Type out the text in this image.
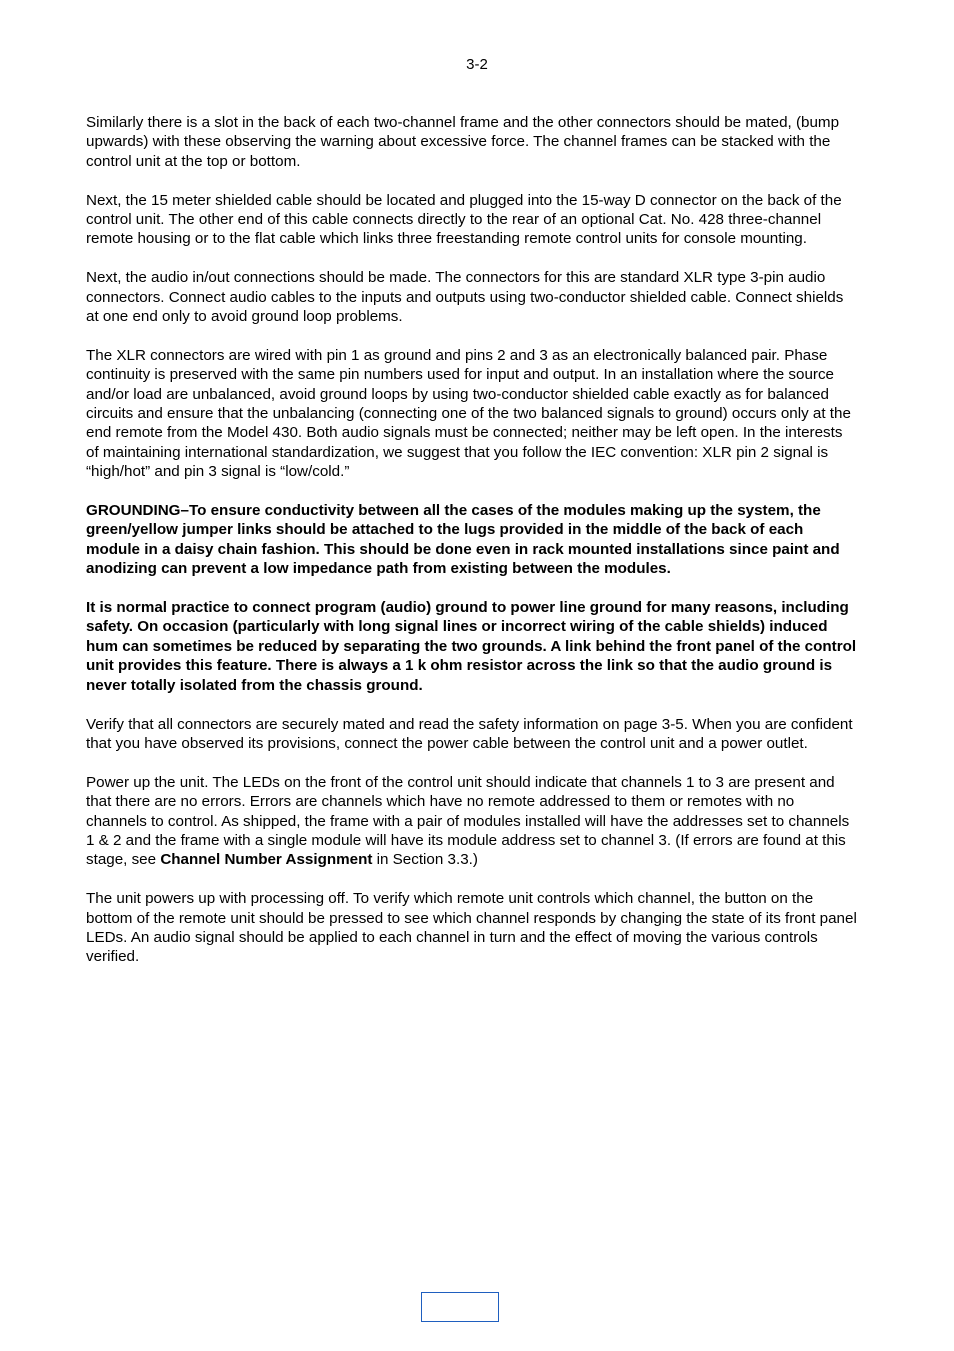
3-2

Similarly there is a slot in the back of each two-channel frame and the other connectors should be mated, (bump upwards) with these observing the warning about excessive force. The channel frames can be stacked with the control unit at the top or bottom.

Next, the 15 meter shielded cable should be located and plugged into the 15-way D connector on the back of the control unit. The other end of this cable connects directly to the rear of an optional Cat. No. 428 three-channel remote housing or to the flat cable which links three freestanding remote control units for console mounting.

Next, the audio in/out connections should be made. The connectors for this are standard XLR type 3-pin audio connectors. Connect audio cables to the inputs and outputs using two-conductor shielded cable. Connect shields at one end only to avoid ground loop problems.

The XLR connectors are wired with pin 1 as ground and pins 2 and 3 as an electronically balanced pair. Phase continuity is preserved with the same pin numbers used for input and output. In an installation where the source and/or load are unbalanced, avoid ground loops by using two-conductor shielded cable exactly as for balanced circuits and ensure that the unbalancing (connecting one of the two balanced signals to ground) occurs only at the end remote from the Model 430. Both audio signals must be connected; neither may be left open. In the interests of maintaining international standardization, we suggest that you follow the IEC convention: XLR pin 2 signal is “high/hot” and pin 3 signal is “low/cold.”

GROUNDING–To ensure conductivity between all the cases of the modules making up the system, the green/yellow jumper links should be attached to the lugs provided in the middle of the back of each module in a daisy chain fashion. This should be done even in rack mounted installations since paint and anodizing can prevent a low impedance path from existing between the modules.

It is normal practice to connect program (audio) ground to power line ground for many reasons, including safety. On occasion (particularly with long signal lines or incorrect wiring of the cable shields) induced hum can sometimes be reduced by separating the two grounds. A link behind the front panel of the control unit provides this feature. There is always a 1 k ohm resistor across the link so that the audio ground is never totally isolated from the chassis ground.

Verify that all connectors are securely mated and read the safety information on page 3-5. When you are confident that you have observed its provisions, connect the power cable between the control unit and a power outlet.

Power up the unit. The LEDs on the front of the control unit should indicate that channels 1 to 3 are present and that there are no errors. Errors are channels which have no remote addressed to them or remotes with no channels to control. As shipped, the frame with a pair of modules installed will have the addresses set to channels 1 & 2 and the frame with a single module will have its module address set to channel 3. (If errors are found at this stage, see Channel Number Assignment in Section 3.3.)

The unit powers up with processing off. To verify which remote unit controls which channel, the button on the bottom of the remote unit should be pressed to see which channel responds by changing the state of its front panel LEDs. An audio signal should be applied to each channel in turn and the effect of moving the various controls verified.
